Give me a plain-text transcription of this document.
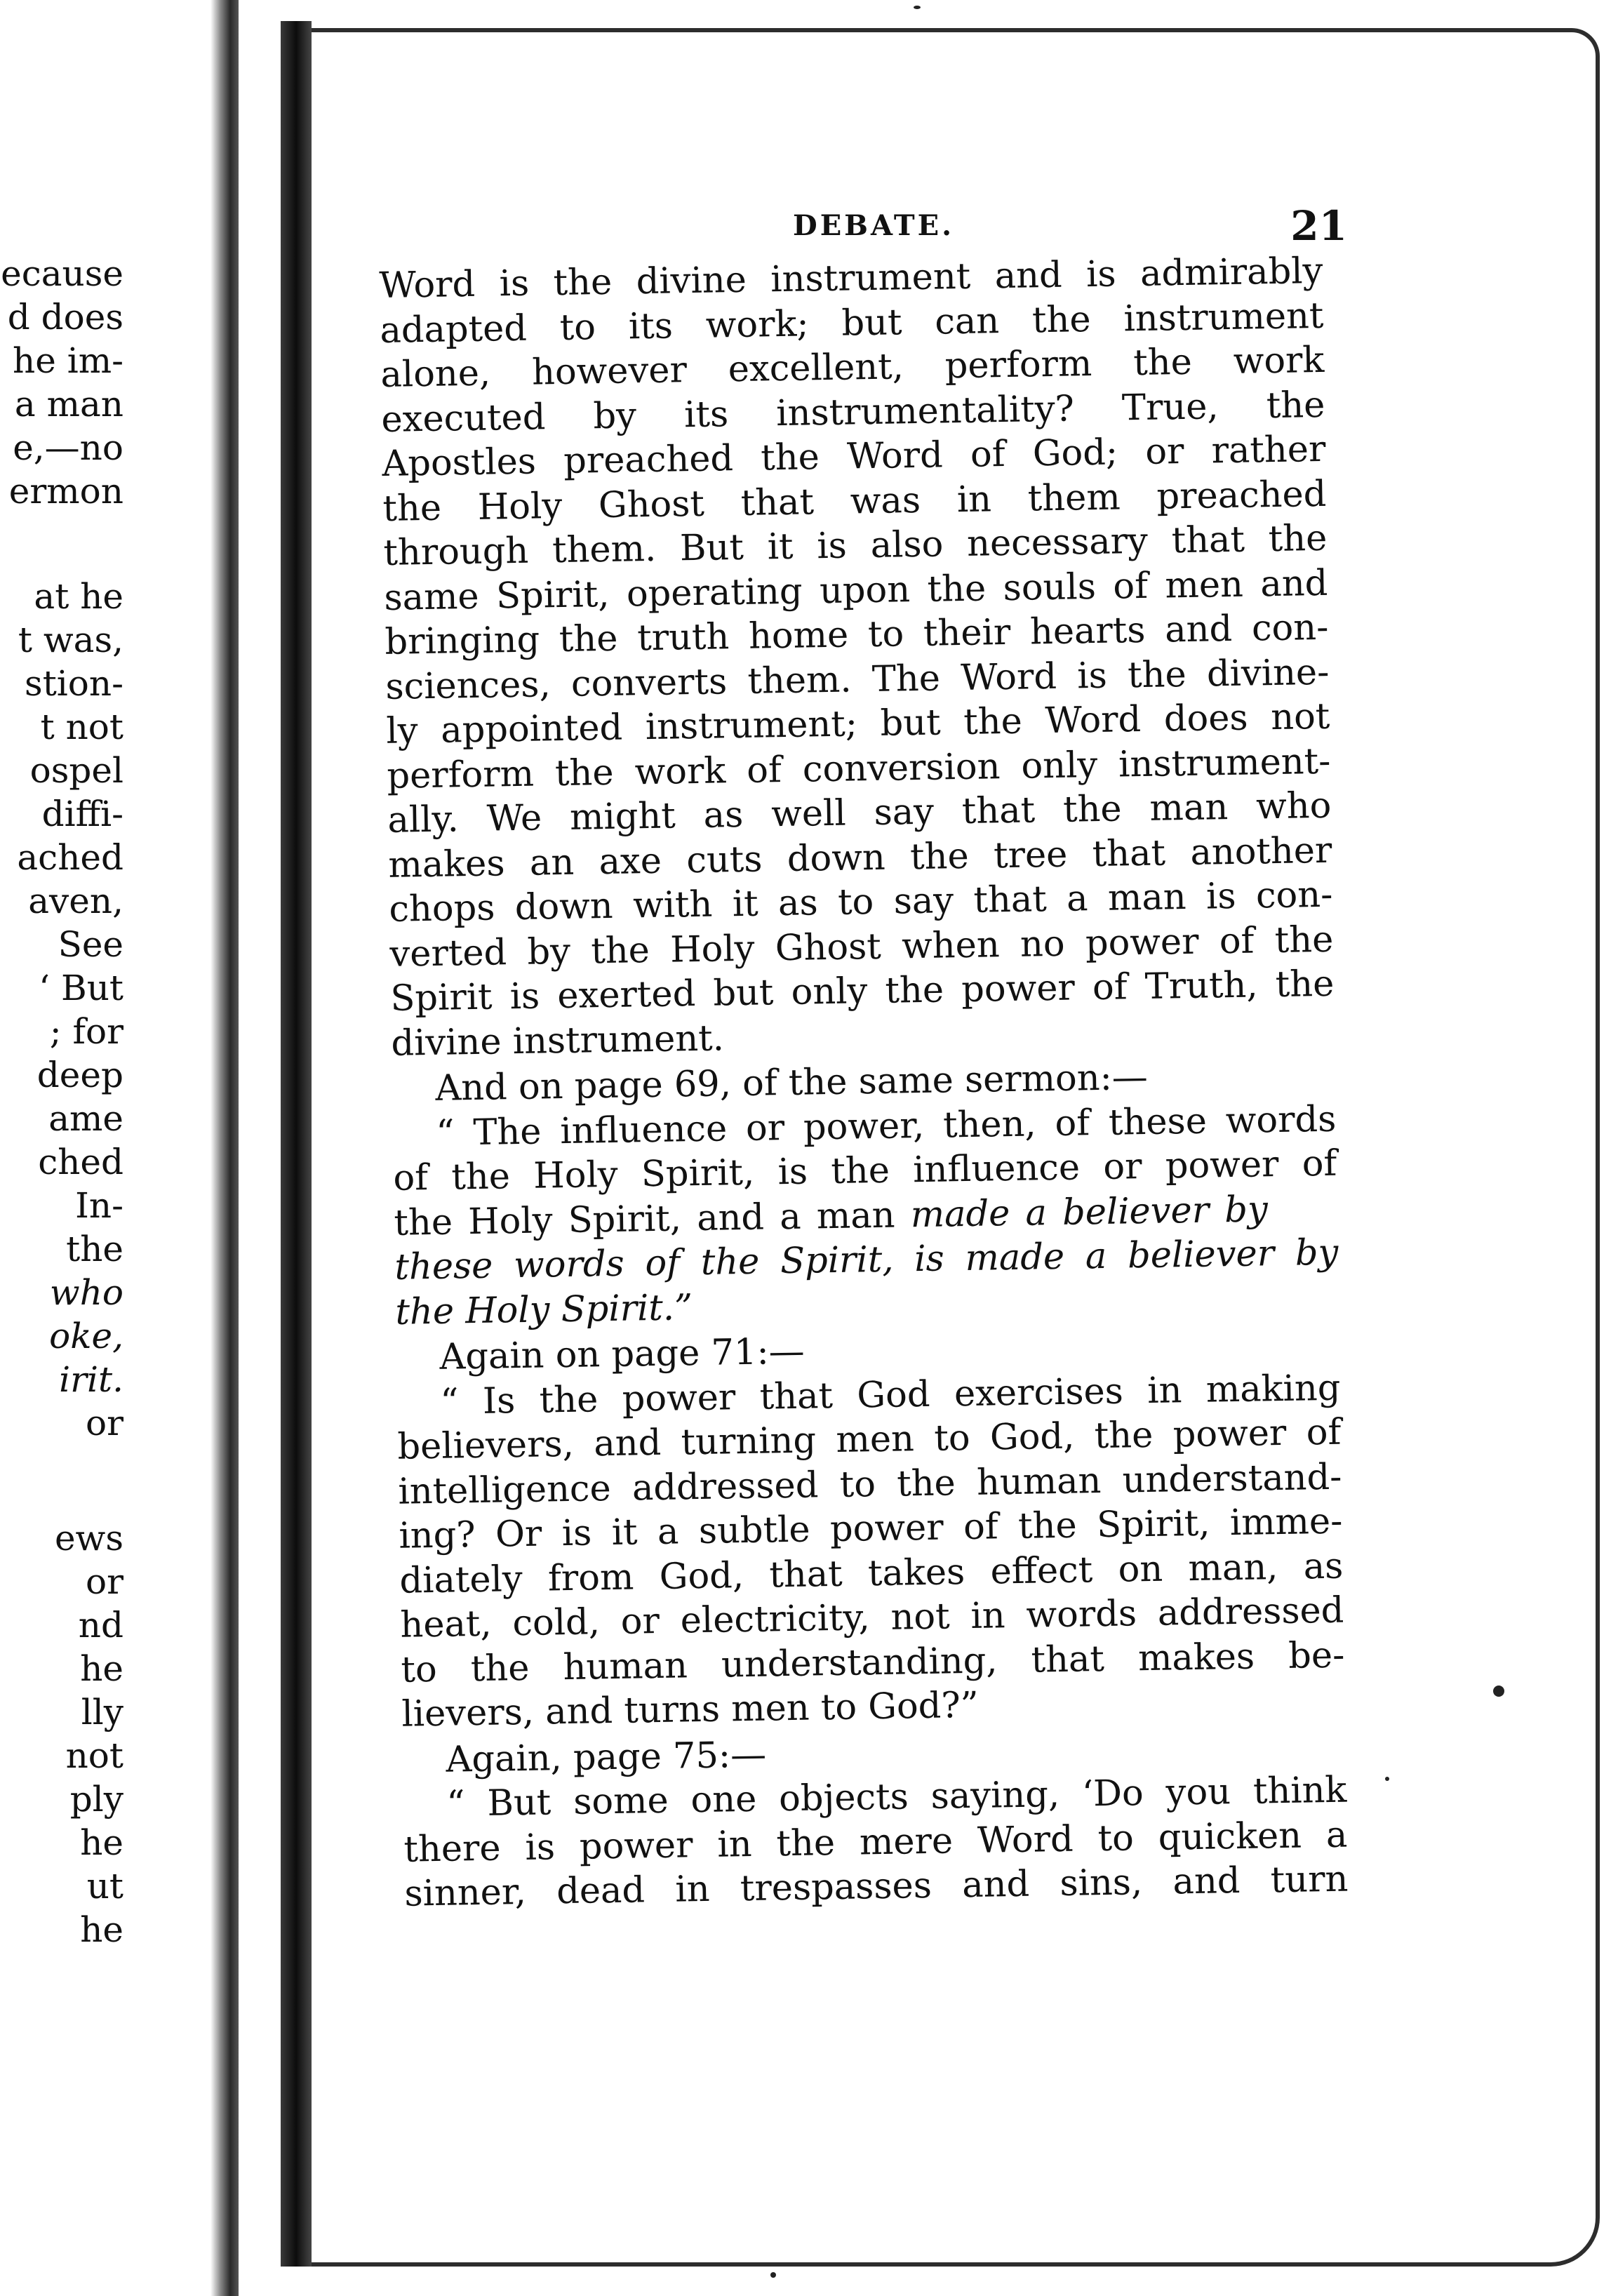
ecause
d does
he im-
a man
e,—no
ermon
at he
t was,
stion-
t not
ospel
diffi-
ached
aven,
See
‘ But
; for
deep
ame
ched
In-
the
who
oke,
irit.
or
ews
or
nd
he
lly
not
ply
he
ut
he
DEBATE.	21
Word is the divine instrument and is admirably
adapted to its work; but can the instrument
alone, however excellent, perform the work
executed by its instrumentality? True, the
Apostles preached the Word of God; or rather
the Holy Ghost that was in them preached
through them. But it is also necessary that the
same Spirit, operating upon the souls of men and
bringing the truth home to their hearts and con-
sciences, converts them. The Word is the divine-
ly appointed instrument; but the Word does not
perform the work of conversion only instrument-
ally. We might as well say that the man who
makes an axe cuts down the tree that another
chops down with it as to say that a man is con-
verted by the Holy Ghost when no power of the
Spirit is exerted but only the power of Truth, the
divine instrument.
And on page 69, of the same sermon:—
“ The influence or power, then, of these words
of the Holy Spirit, is the influence or power of
the Holy Spirit, and a man made a believer by
these words of the Spirit, is made a believer by
the Holy Spirit.”
Again on page 71:—
“ Is the power that God exercises in making
believers, and turning men to God, the power of
intelligence addressed to the human understand-
ing? Or is it a subtle power of the Spirit, imme-
diately from God, that takes effect on man, as
heat, cold, or electricity, not in words addressed
to the human understanding, that makes be-
lievers, and turns men to God?”
Again, page 75:—
“ But some one objects saying, ‘Do you think
there is power in the mere Word to quicken a
sinner, dead in trespasses and sins, and turn
